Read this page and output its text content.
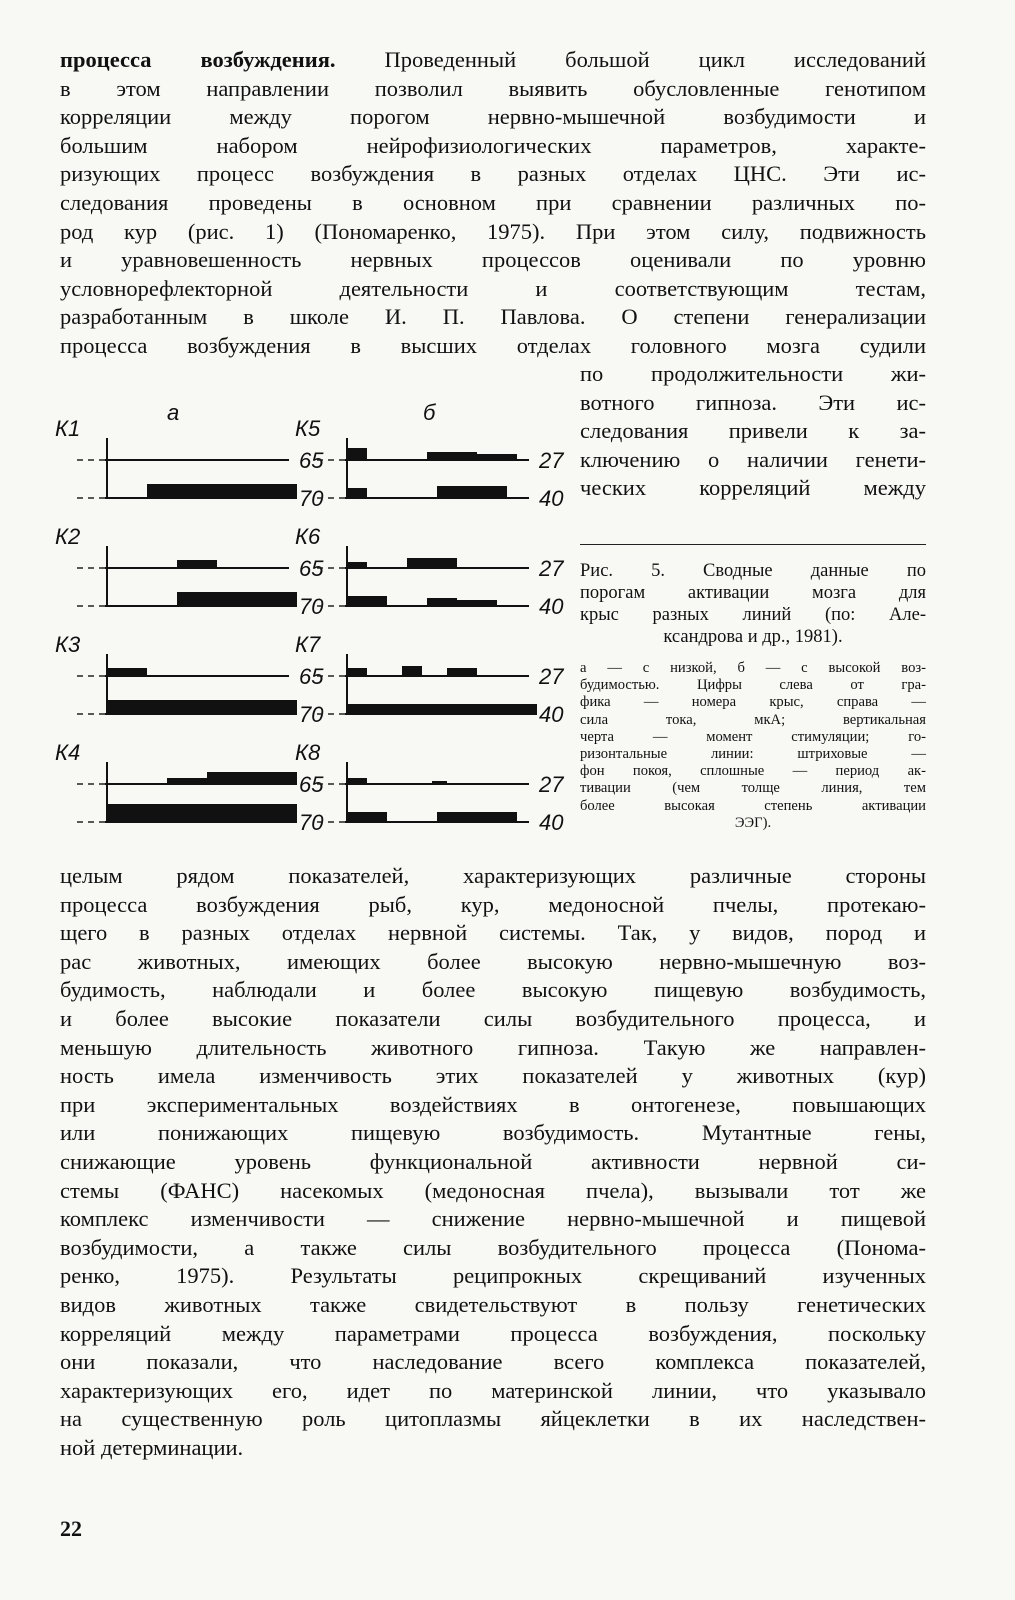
процесса возбуждения. Проведенный большой цикл исследований
в этом направлении позволил выявить обусловленные генотипом
корреляции между порогом нервно-мышечной возбудимости и
большим набором нейрофизиологических параметров, характе-
ризующих процесс возбуждения в разных отделах ЦНС. Эти ис-
следования проведены в основном при сравнении различных по-
род кур (рис. 1) (Пономаренко, 1975). При этом силу, подвижность
и уравновешенность нервных процессов оценивали по уровню
условнорефлекторной деятельности и соответствующим тестам,
разработанным в школе И. П. Павлова. О степени генерализации
процесса возбуждения в высших отделах головного мозга судили
по продолжительности жи-
вотного гипноза. Эти ис-
следования привели к за-
ключению о наличии генети-
ческих корреляций между
а	б
К1
65
70
К2
65
70
К3
65
70
К4
65
70
К5
27
40
К6
27
40
К7
27
40
К8
27
40
Рис. 5. Сводные данные по
порогам активации мозга для
крыс разных линий (по: Але-
ксандрова и др., 1981).
а — с низкой, б — с высокой воз-
будимостью. Цифры слева от гра-
фика — номера крыс, справа —
сила тока, мкА; вертикальная
черта — момент стимуляции; го-
ризонтальные линии: штриховые —
фон покоя, сплошные — период ак-
тивации (чем толще линия, тем
более высокая степень активации
ЭЭГ).
целым рядом показателей, характеризующих различные стороны
процесса возбуждения рыб, кур, медоносной пчелы, протекаю-
щего в разных отделах нервной системы. Так, у видов, пород и
рас животных, имеющих более высокую нервно-мышечную воз-
будимость, наблюдали и более высокую пищевую возбудимость,
и более высокие показатели силы возбудительного процесса, и
меньшую длительность животного гипноза. Такую же направлен-
ность имела изменчивость этих показателей у животных (кур)
при экспериментальных воздействиях в онтогенезе, повышающих
или понижающих пищевую возбудимость. Мутантные гены,
снижающие уровень функциональной активности нервной си-
стемы (ФАНС) насекомых (медоносная пчела), вызывали тот же
комплекс изменчивости — снижение нервно-мышечной и пищевой
возбудимости, а также силы возбудительного процесса (Понома-
ренко, 1975). Результаты реципрокных скрещиваний изученных
видов животных также свидетельствуют в пользу генетических
корреляций между параметрами процесса возбуждения, поскольку
они показали, что наследование всего комплекса показателей,
характеризующих его, идет по материнской линии, что указывало
на существенную роль цитоплазмы яйцеклетки в их наследствен-
ной детерминации.
22
